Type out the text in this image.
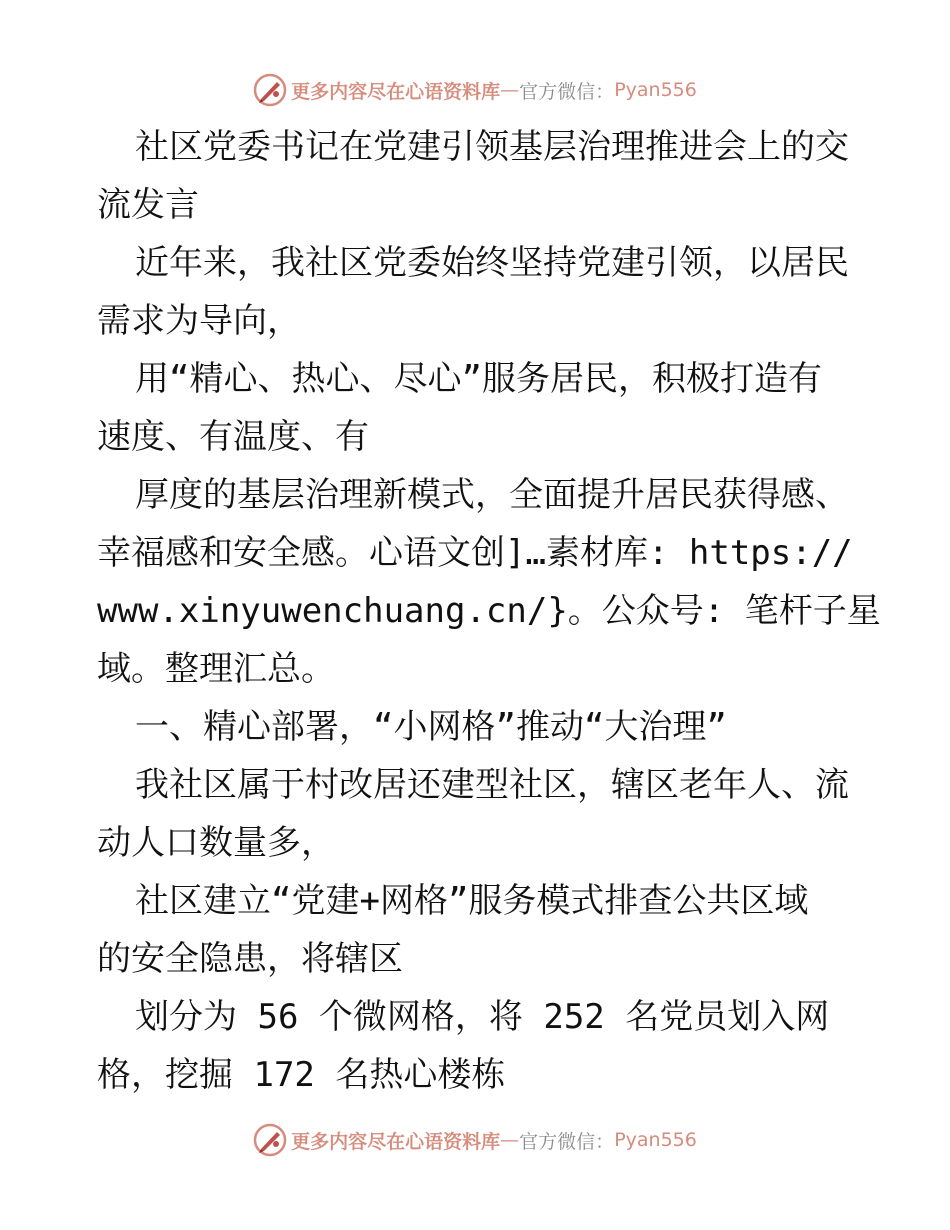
更多内容尽在心语资料库 — 官方微信： Pyan556
社区党委书记在党建引领基层治理推进会上的交
流发言
近年来，我社区党委始终坚持党建引领，以居民
需求为导向，
用“精心、热心、尽心”服务居民，积极打造有
速度、有温度、有
厚度的基层治理新模式，全面提升居民获得感、
幸福感和安全感。心语文创]…素材库: https://
www.xinyuwenchuang.cn/}。公众号: 笔杆子星
域。整理汇总。
一、精心部署，“小网格”推动“大治理”
我社区属于村改居还建型社区，辖区老年人、流
动人口数量多，
社区建立“党建+网格”服务模式排查公共区域
的安全隐患，将辖区
划分为 56 个微网格，将 252 名党员划入网
格，挖掘 172 名热心楼栋
更多内容尽在心语资料库 — 官方微信： Pyan556
